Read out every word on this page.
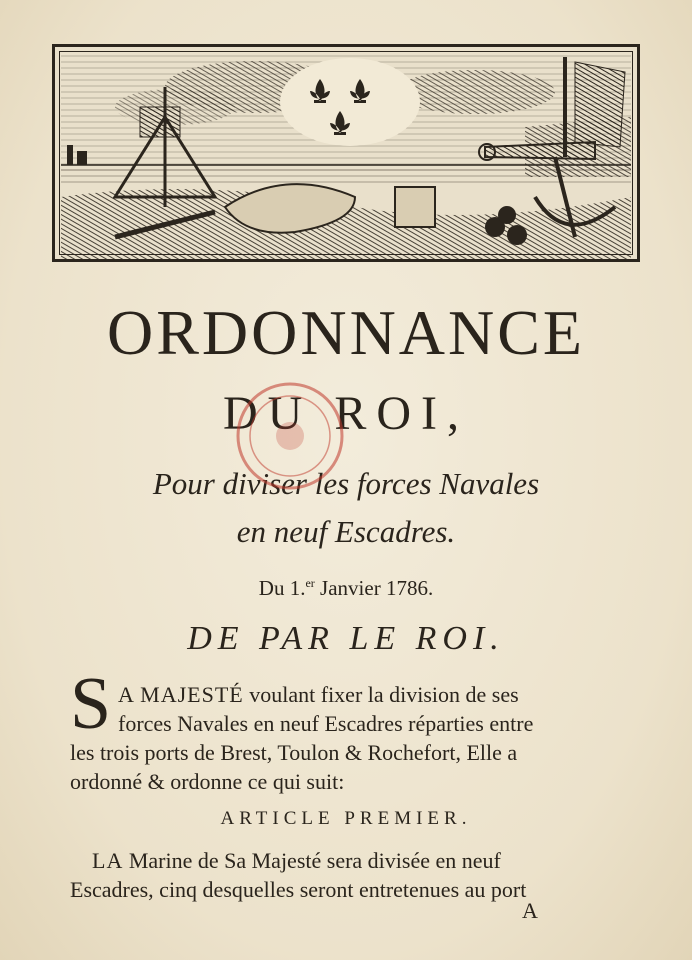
ORDONNANCE
DU ROI,
Pour diviser les forces Navales
en neuf Escadres.
Du 1.$^{er}$ Janvier 1786.
DE PAR LE ROI.
S A MAJESTÉ voulant fixer la division de ses
forces Navales en neuf Escadres réparties entre
les trois ports de Brest, Toulon & Rochefort, Elle a
ordonné & ordonne ce qui suit:
ARTICLE PREMIER.
LA Marine de Sa Majesté sera divisée en neuf
Escadres, cinq desquelles seront entretenues au port
A
